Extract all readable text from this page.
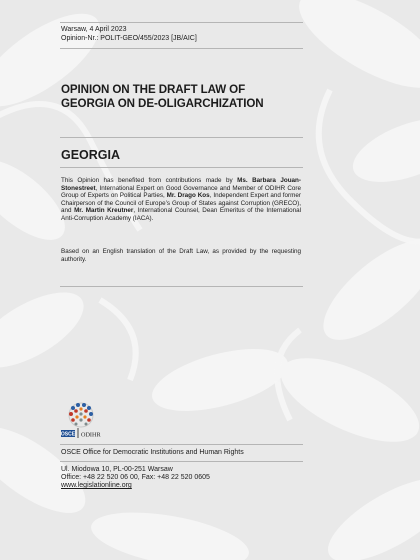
Warsaw, 4 April 2023
Opinion-Nr.: POLIT-GEO/455/2023 [JB/AIC]
OPINION ON THE DRAFT LAW OF
GEORGIA ON DE-OLIGARCHIZATION
GEORGIA
This Opinion has benefited from contributions made by Ms. Barbara Jouan-Stonestreet, International Expert on Good Governance and Member of ODIHR Core Group of Experts on Political Parties, Mr. Drago Kos, Independent Expert and former Chairperson of the Council of Europe’s Group of States against Corruption (GRECO), and Mr. Martin Kreutner, International Counsel, Dean Emeritus of the International Anti-Corruption Academy (IACA).
Based on an English translation of the Draft Law, as provided by the requesting authority.
OSCE ODIHR
OSCE Office for Democratic Institutions and Human Rights
Ul. Miodowa 10, PL-00-251 Warsaw
Office: +48 22 520 06 00, Fax: +48 22 520 0605
www.legislationline.org
